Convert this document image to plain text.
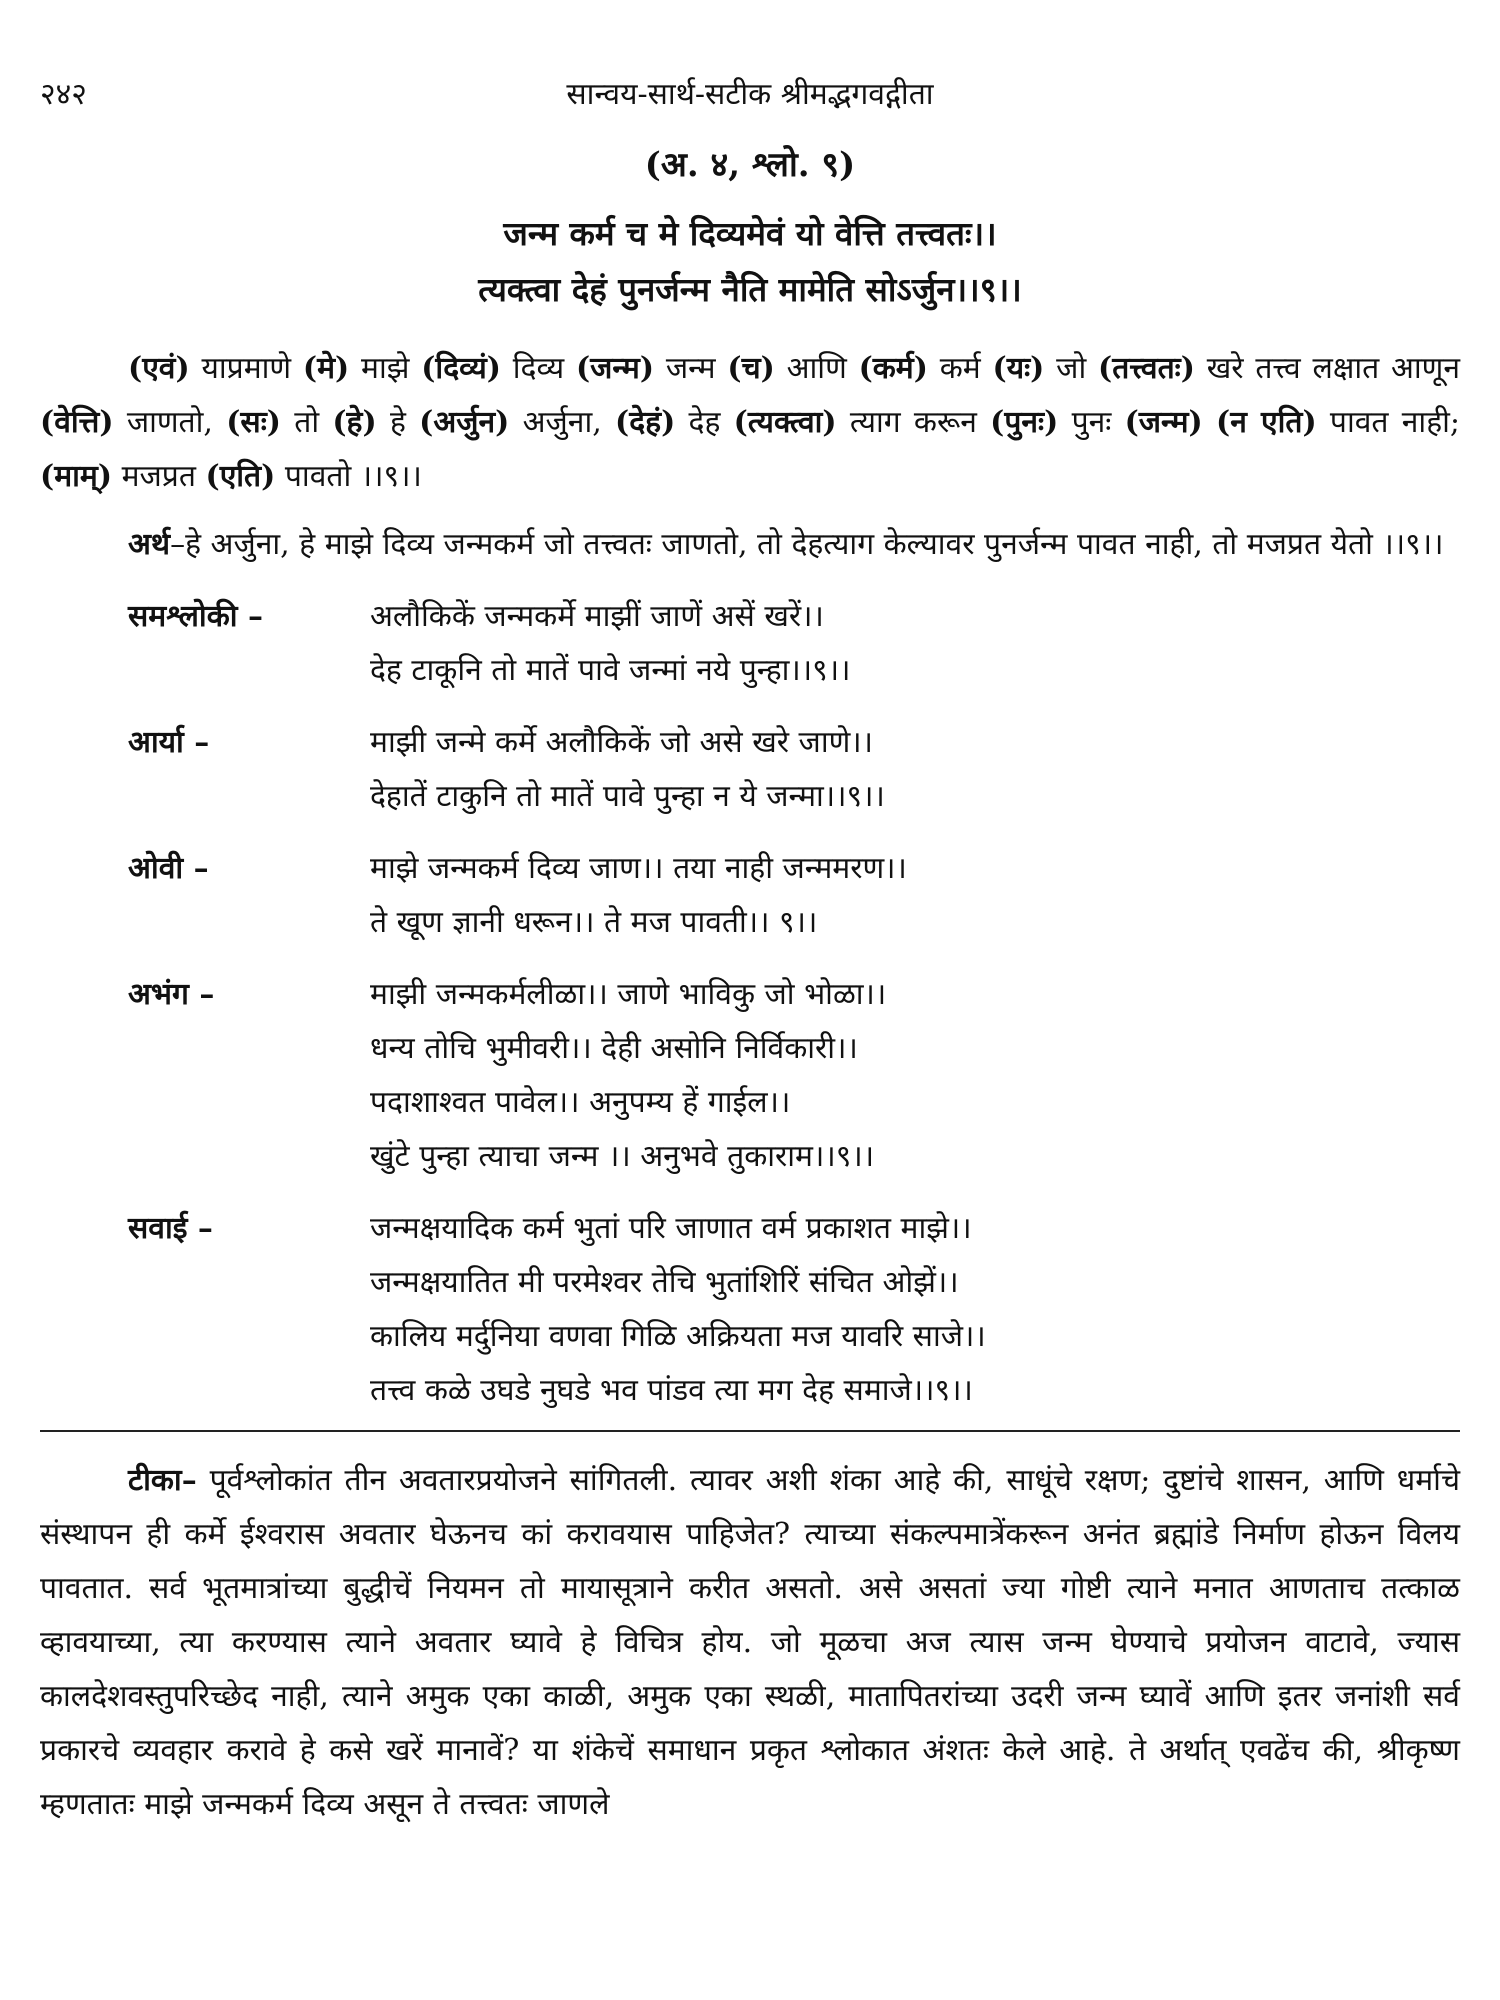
२४२	सान्वय-सार्थ-सटीक श्रीमद्भगवद्गीता
(अ. ४, श्लो. ९)
जन्म कर्म च मे दिव्यमेवं यो वेत्ति तत्त्वतः।।
त्यक्त्वा देहं पुनर्जन्म नैति मामेति सोऽर्जुन।।९।।

(एवं) याप्रमाणे (मे) माझे (दिव्यं) दिव्य (जन्म) जन्म (च) आणि (कर्म) कर्म (यः) जो (तत्त्वतः) खरे तत्त्व लक्षात आणून (वेत्ति) जाणतो, (सः) तो (हे) हे (अर्जुन) अर्जुना, (देहं) देह (त्यक्त्वा) त्याग करून (पुनः) पुनः (जन्म) (न एति) पावत नाही; (माम्) मजप्रत (एति) पावतो ।।९।।

अर्थ–हे अर्जुना, हे माझे दिव्य जन्मकर्म जो तत्त्वतः जाणतो, तो देहत्याग केल्यावर पुनर्जन्म पावत नाही, तो मजप्रत येतो ।।९।।

समश्लोकी –	अलौकिकें जन्मकर्मे माझीं जाणें असें खरें।।
देह टाकूनि तो मातें पावे जन्मां नये पुन्हा।।९।।
आर्या –	माझी जन्मे कर्मे अलौकिकें जो असे खरे जाणे।।
देहातें टाकुनि तो मातें पावे पुन्हा न ये जन्मा।।९।।
ओवी –	माझे जन्मकर्म दिव्य जाण।। तया नाही जन्ममरण।।
ते खूण ज्ञानी धरून।। ते मज पावती।। ९।।
अभंग –	माझी जन्मकर्मलीळा।। जाणे भाविकु जो भोळा।।
धन्य तोचि भुमीवरी।। देही असोनि निर्विकारी।।
पदाशाश्वत पावेल।। अनुपम्य हें गाईल।।
खुंटे पुन्हा त्याचा जन्म ।। अनुभवे तुकाराम।।९।।
सवाई –	जन्मक्षयादिक कर्म भुतां परि जाणात वर्म प्रकाशत माझे।।
जन्मक्षयातित मी परमेश्वर तेचि भुतांशिरिं संचित ओझें।।
कालिय मर्दुनिया वणवा गिळि अक्रियता मज यावरि साजे।।
तत्त्व कळे उघडे नुघडे भव पांडव त्या मग देह समाजे।।९।।

टीका– पूर्वश्लोकांत तीन अवतारप्रयोजने सांगितली. त्यावर अशी शंका आहे की, साधूंचे रक्षण; दुष्टांचे शासन, आणि धर्माचे संस्थापन ही कर्मे ईश्वरास अवतार घेऊनच कां करावयास पाहिजेत? त्याच्या संकल्पमात्रेंकरून अनंत ब्रह्मांडे निर्माण होऊन विलय पावतात. सर्व भूतमात्रांच्या बुद्धीचें नियमन तो मायासूत्राने करीत असतो. असे असतां ज्या गोष्टी त्याने मनात आणताच तत्काळ व्हावयाच्या, त्या करण्यास त्याने अवतार घ्यावे हे विचित्र होय. जो मूळचा अज त्यास जन्म घेण्याचे प्रयोजन वाटावे, ज्यास कालदेशवस्तुपरिच्छेद नाही, त्याने अमुक एका काळी, अमुक एका स्थळी, मातापितरांच्या उदरी जन्म घ्यावें आणि इतर जनांशी सर्व प्रकारचे व्यवहार करावे हे कसे खरें मानावें? या शंकेचें समाधान प्रकृत श्लोकात अंशतः केले आहे. ते अर्थात् एवढेंच की, श्रीकृष्ण म्हणतातः माझे जन्मकर्म दिव्य असून ते तत्त्वतः जाणले
